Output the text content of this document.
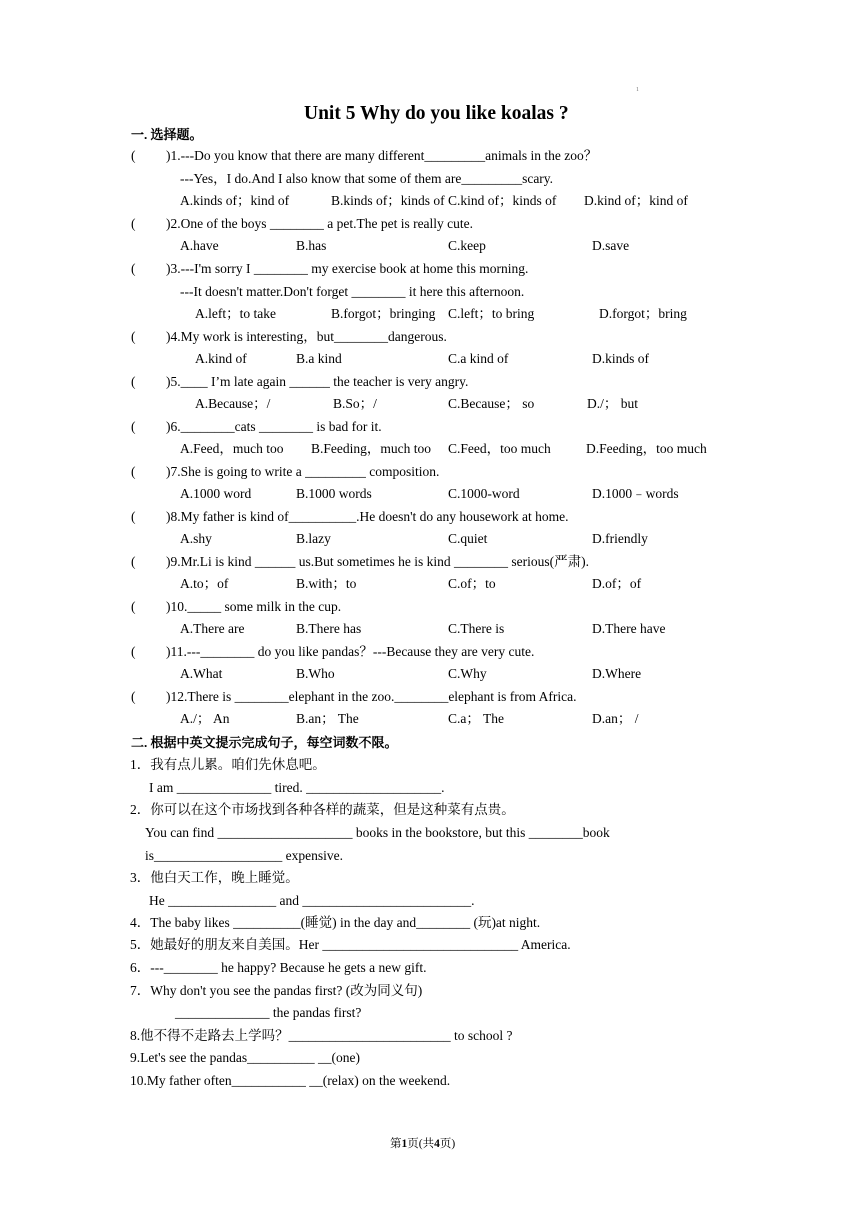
1
Unit 5 Why do you like koalas ?
一. 选择题。
( )1.---Do you know that there are many different_________animals in the zoo？
---Yes，I do.And I also know that some of them are_________scary.
A.kinds of；kind of	B.kinds of；kinds of C.kind of；kinds of D.kind of；kind of
( )2.One of the boys ________ a pet.The pet is really cute.
A.have	B.has	C.keep	D.save
( )3.---I'm sorry I ________ my exercise book at home this morning.
---It doesn't matter.Don't forget ________ it here this afternoon.
A.left；to take	B.forgot；bringing C.left；to bring	D.forgot；bring
( )4.My work is interesting，but________dangerous.
A.kind of	B.a kind	C.a kind of	D.kinds of
( )5.____ I’m late again ______ the teacher is very angry.
A.Because；/	B.So；/	C.Because； so	D./； but
( )6.________cats ________ is bad for it.
A.Feed，much too B.Feeding，much too C.Feed，too much	D.Feeding，too much
( )7.She is going to write a _________ composition.
A.1000 word	B.1000 words	C.1000-word	D.1000﹣words
( )8.My father is kind of__________.He doesn't do any housework at home.
A.shy	B.lazy	C.quiet	D.friendly
( )9.Mr.Li is kind ______ us.But sometimes he is kind ________ serious(严肃).
A.to；of	B.with；to	C.of；to	D.of；of
( )10._____ some milk in the cup.
A.There are	B.There has	C.There is	D.There have
( )11.---________ do you like pandas？---Because they are very cute.
A.What	B.Who	C.Why	D.Where
( )12.There is ________elephant in the zoo.________elephant is from Africa.
A./； An	B.an； The	C.a； The	D.an； /
二. 根据中英文提示完成句子，每空词数不限。
1．我有点儿累。咱们先休息吧。
I am ______________ tired. ____________________.
2．你可以在这个市场找到各种各样的蔬菜，但是这种菜有点贵。
You can find ____________________ books in the bookstore, but this ________book
is___________________ expensive.
3．他白天工作，晚上睡觉。
He ________________ and _________________________.
4．The baby likes __________(睡觉) in the day and________ (玩)at night.
5．她最好的朋友来自美国。Her _____________________________ America.
6．---________ he happy? Because he gets a new gift.
7．Why don't you see the pandas first? (改为同义句)
______________ the pandas first?
8.他不得不走路去上学吗？________________________ to school ?
9.Let's see the pandas__________ __(one)
10.My father often___________ __(relax) on the weekend.
第1页(共4页)
